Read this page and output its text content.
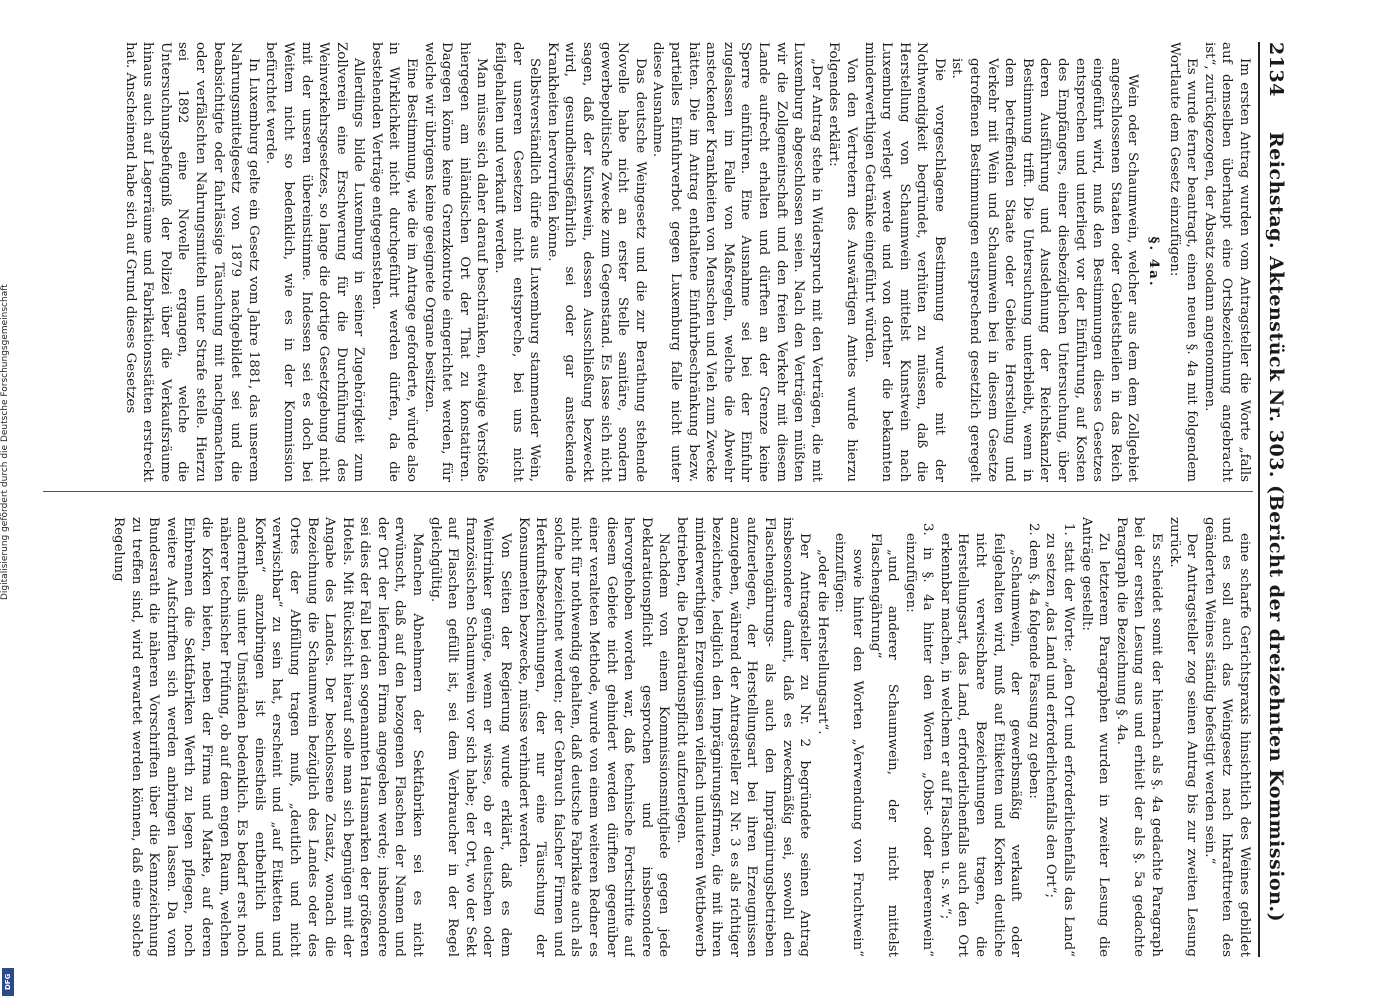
2134
Reichstag. Aktenstück Nr. 303. (Bericht der dreizehnten Kommission.)

Im ersten Antrag wurden vom Antragsteller die Worte „falls auf demselben überhaupt eine Ortsbezeichnung angebracht ist“, zurückgezogen, der Absatz sodann angenommen.

Es wurde ferner beantragt, einen neuen §. 4a mit folgendem Wortlaute dem Gesetz einzufügen:

§. 4a.

Wein oder Schaumwein, welcher aus dem dem Zollgebiet angeschlossenen Staaten oder Gebietstheilen in das Reich eingeführt wird, muß den Bestimmungen dieses Gesetzes entsprechen und unterliegt vor der Einführung, auf Kosten des Empfängers, einer diesbezüglichen Untersuchung, über deren Ausführung und Ausdehnung der Reichskanzler Bestimmung trifft. Die Untersuchung unterbleibt, wenn in dem betreffenden Staate oder Gebiete Herstellung und Verkehr mit Wein und Schaumwein bei in diesem Gesetze getroffenen Bestimmungen entsprechend gesetzlich geregelt ist.

Die vorgeschlagene Bestimmung wurde mit der Nothwendigkeit begründet, verhüten zu müssen, daß die Herstellung von Schaumwein mittelst Kunstwein nach Luxemburg verlegt werde und von dorther die bekannten minderwerthigen Getränke eingeführt würden.

Von den Vertretern des Auswärtigen Amtes wurde hierzu Folgendes erklärt:

„Der Antrag stehe in Widerspruch mit den Verträgen, die mit Luxemburg abgeschlossen seien. Nach den Verträgen müßten wir die Zollgemeinschaft und den freien Verkehr mit diesem Lande aufrecht erhalten und dürften an der Grenze keine Sperre einführen. Eine Ausnahme sei bei der Einfuhr zugelassen im Falle von Maßregeln, welche die Abwehr ansteckender Krankheiten von Menschen und Vieh zum Zwecke hätten. Die im Antrag enthaltene Einfuhrbeschränkung bezw. partielles Einfuhrverbot gegen Luxemburg falle nicht unter diese Ausnahme.

Das deutsche Weingesetz und die zur Berathung stehende Novelle habe nicht an erster Stelle sanitäre, sondern gewerbepolitische Zwecke zum Gegenstand. Es lasse sich nicht sagen, daß der Kunstwein, dessen Ausschließung bezweckt wird, gesundheitsgefährlich sei oder gar ansteckende Krankheiten hervorrufen könne.

Selbstverständlich dürfe aus Luxemburg stammender Wein, der unseren Gesetzen nicht entspreche, bei uns nicht feilgehalten und verkauft werden.

Man müsse sich daher darauf beschränken, etwaige Verstöße hiergegen am inländischen Ort der That zu konstatiren. Dagegen könne keine Grenzkontrole eingerichtet werden, für welche wir übrigens keine geeignete Organe besitzen.

Eine Bestimmung, wie die im Antrage geforderte, würde also in Wirklichkeit nicht durchgeführt werden dürfen, da die bestehenden Verträge entgegenstehen.

Allerdings bilde Luxemburg in seiner Zugehörigkeit zum Zollverein eine Erschwerung für die Durchführung des Weinverkehrsgesetzes, so lange die dortige Gesetzgebung nicht mit der unseren übereinstimme. Indessen sei es doch bei Weitem nicht so bedenklich, wie es in der Kommission befürchtet werde.

In Luxemburg gelte ein Gesetz vom Jahre 1881, das unserem Nahrungsmittelgesetz von 1879 nachgebildet sei und die beabsichtigte oder fahrlässige Täuschung mit nachgemachten oder verfälschten Nahrungsmitteln unter Strafe stelle. Hierzu sei 1892 eine Novelle ergangen, welche die Untersuchungsbefugniß der Polizei über die Verkaufsräume hinaus auch auf Lagerräume und Fabrikationsstätten erstreckt hat. Anscheinend habe sich auf Grund dieses Gesetzes

eine scharfe Gerichtspraxis hinsichtlich des Weines gebildet und es soll auch das Weingesetz nach Inkrafttreten des geänderten Weines ständig befestigt werden sein.“

Der Antragsteller zog seinen Antrag bis zur zweiten Lesung zurück.

Es scheidet somit der hiernach als §. 4a gedachte Paragraph bei der ersten Lesung aus und erhielt der als §. 5a gedachte Paragraph die Bezeichnung §. 4a.

Zu letzterem Paragraphen wurden in zweiter Lesung die Anträge gestellt:

1. statt der Worte: „den Ort und erforderlichenfalls das Land“ zu setzen „das Land und erforderlichenfalls den Ort“;

2. dem §. 4a folgende Fassung zu geben:

„Schaumwein, der gewerbsmäßig verkauft oder feilgehalten wird, muß auf Etiketten und Korken deutliche nicht verwischbare Bezeichnungen tragen, die Herstellungsart, das Land, erforderlichenfalls auch den Ort erkennbar machen, in welchem er auf Flaschen u. s. w.“;

3. in §. 4a hinter den Worten „Obst- oder Beerenwein“ einzufügen:

„und anderer Schaumwein, der nicht mittelst Flaschengährung“

sowie hinter den Worten „Verwendung von Fruchtwein“ einzufügen:

„oder die Herstellungsart“.

Der Antragsteller zu Nr. 2 begründete seinen Antrag insbesondere damit, daß es zweckmäßig sei, sowohl den Flaschengährungs- als auch den Imprägnirungsbetrieben aufzuerlegen, der Herstellungsart bei ihren Erzeugnissen anzugeben, während der Antragsteller zu Nr. 3 es als richtiger bezeichnete, lediglich den Imprägnirungsfirmen, die mit ihren minderwerthigen Erzeugnissen vielfach unlauteren Wettbewerb betrieben, die Deklarationspflicht aufzuerlegen.

Nachdem von einem Kommissionsmitgliede gegen jede Deklarationspflicht gesprochen und insbesondere hervorgehoben worden war, daß technische Fortschritte auf diesem Gebiete nicht gehindert werden dürften gegenüber einer veralteten Methode, wurde von einem weiteren Redner es nicht für nothwendig gehalten, daß deutsche Fabrikate auch als solche bezeichnet werden; der Gebrauch falscher Firmen und Herkunftsbezeichnungen, der nur eine Täuschung der Konsumenten bezwecke, müsse verhindert werden.

Von Seiten der Regierung wurde erklärt, daß es dem Weintrinker genüge, wenn er wisse, ob er deutschen oder französischen Schaumwein vor sich habe; der Ort, wo der Sekt auf Flaschen gefüllt ist, sei dem Verbraucher in der Regel gleichgültig.

Manchen Abnehmern der Sektfabriken sei es nicht erwünscht, daß auf den bezogenen Flaschen der Namen und der Ort der liefernden Firma angegeben werde; insbesondere sei dies der Fall bei den sogenannten Hausmarken der größeren Hotels. Mit Rücksicht hierauf solle man sich begnügen mit der Angabe des Landes. Der beschlossene Zusatz, wonach die Bezeichnung die Schaumwein bezüglich des Landes oder des Ortes der Abfüllung tragen muß, „deutlich und nicht verwischbar“ zu sein hat, erscheint und „auf Etiketten und Korken“ anzubringen ist einestheils entbehrlich und anderntheils unter Umständen bedenklich. Es bedarf erst noch näherer technischer Prüfung, ob auf dem engen Raum, welchen die Korken bieten, neben der Firma und Marke, auf deren Einbrennen die Sektfabriken Werth zu legen pflegen, noch weitere Aufschriften sich werden anbringen lassen. Da vom Bundesrath die näheren Vorschriften über die Kennzeichnung zu treffen sind, wird erwartet werden können, daß eine solche Regelung

Digitalisierung gefördert durch die Deutsche Forschungsgemeinschaft
DFG
